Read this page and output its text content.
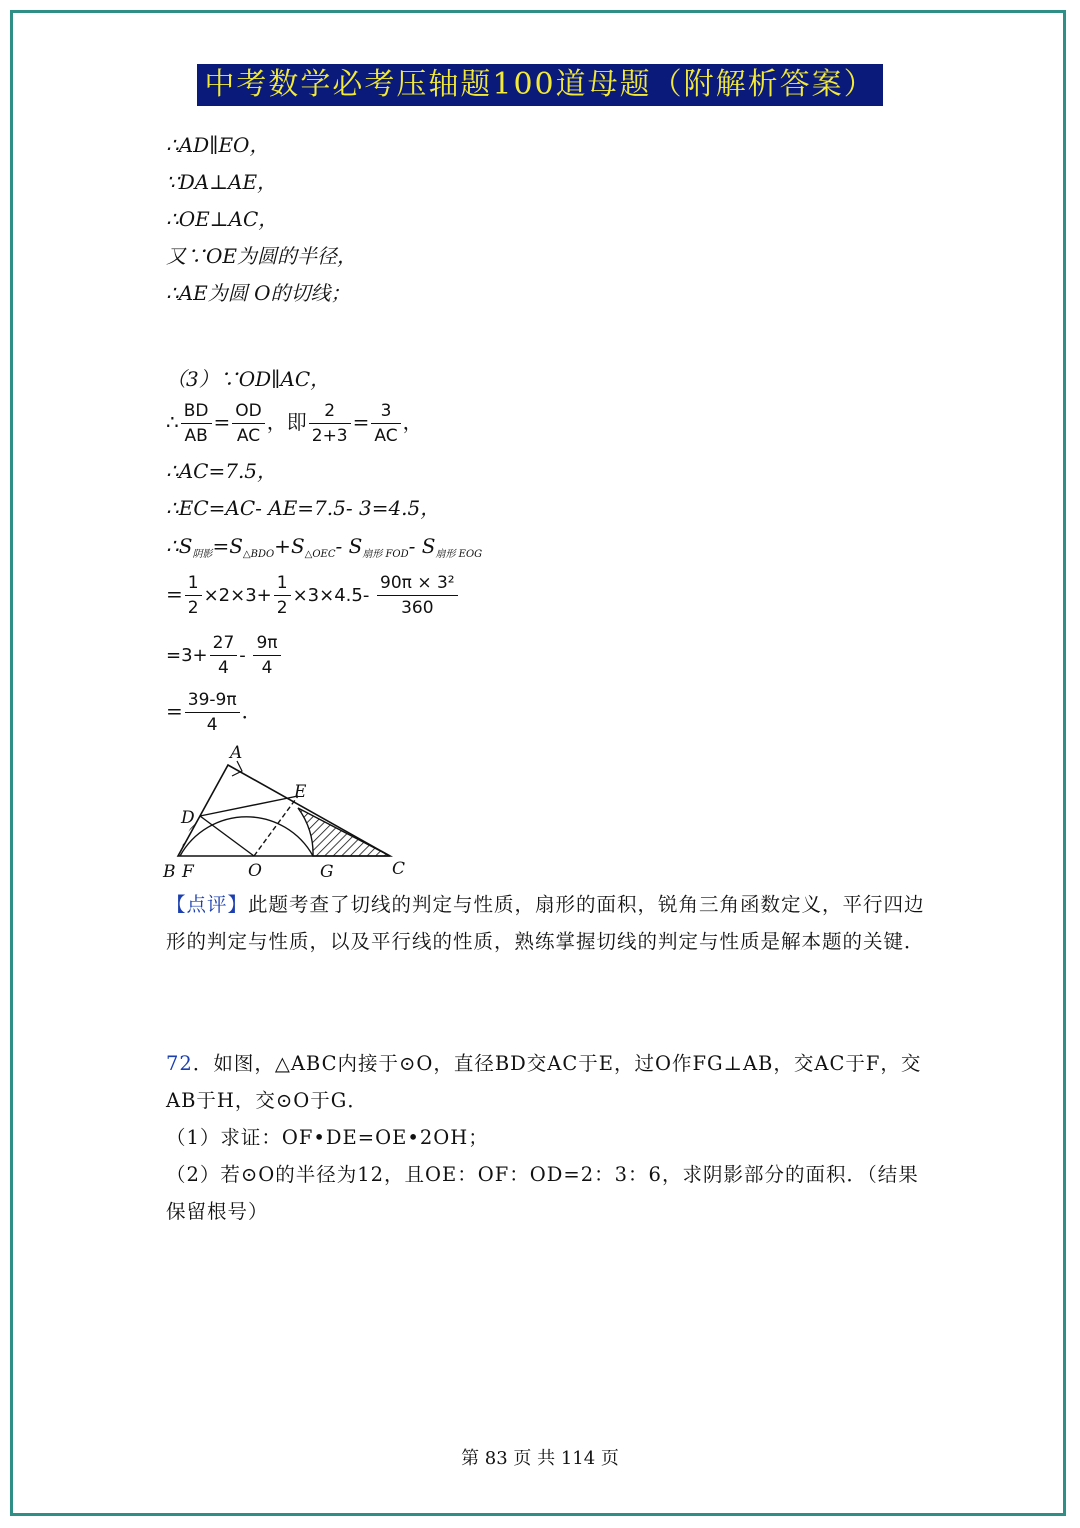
中考数学必考压轴题100道母题（附解析答案）
∴AD∥EO，
∵DA⊥AE，
∴OE⊥AC，
又∵OE为圆的半径，
∴AE为圆 O的切线；
（3）∵OD∥AC，
∴ $\frac{BD}{AB} = \frac{OD}{AC}$ ，即 $\frac{2}{2+3} = \frac{3}{AC}$ ，
∴AC=7.5，
∴EC=AC- AE=7.5- 3=4.5，
$\therefore S_{阴影}=S_{\triangle BDO}+S_{\triangle OEC}-$ $S_{扇形 FOD}-$ $S_{扇形 EOG}$
= $\frac{1}{2} \times 2\times 3+ \frac{1}{2} \times 3\times 4.5- \frac{\text{90π × 3²}}{360}$
$=3+ \frac{27}{4} - \frac{9\pi}{4}$
= $\frac{39-9\pi}{4}$ ．
A
E
D
B F	O	G	C
【点评】此题考查了切线的判定与性质，扇形的面积，锐角三角函数定义，平行四边形的判定与性质，以及平行线的性质，熟练掌握切线的判定与性质是解本题的关键．
72．如图，△ABC内接于⊙O，直径BD交AC于E，过O作FG⊥AB，交AC于F，交AB于H，交⊙O于G．
（1）求证：OF•DE=OE•2OH；
（2）若⊙O的半径为12，且OE：OF：OD=2：3：6，求阴影部分的面积．（结果保留根号）
第 83 页 共 114 页
